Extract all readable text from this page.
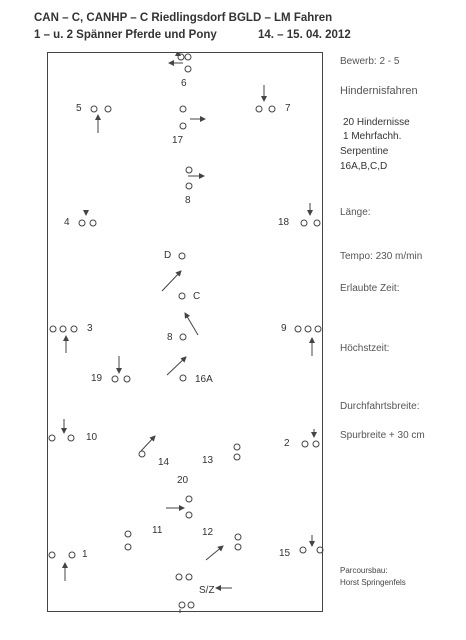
CAN – C, CANHP – C Riedlingsdorf BGLD – LM Fahren
1 – u. 2 Spänner Pferde und Pony	14. – 15. 04. 2012
6
5	7
17
8
4	18
D
C
3	9
8
19	16A
10
2
14	13
20
11	12
1	15
S/Z
Bewerb: 2 - 5
Hindernisfahren
20 Hindernisse
1 Mehrfachh.
Serpentine
16A,B,C,D
Länge:
Tempo: 230 m/min
Erlaubte Zeit:
Höchstzeit:
Durchfahrtsbreite:
Spurbreite + 30 cm
Parcoursbau:
Horst Springenfels
